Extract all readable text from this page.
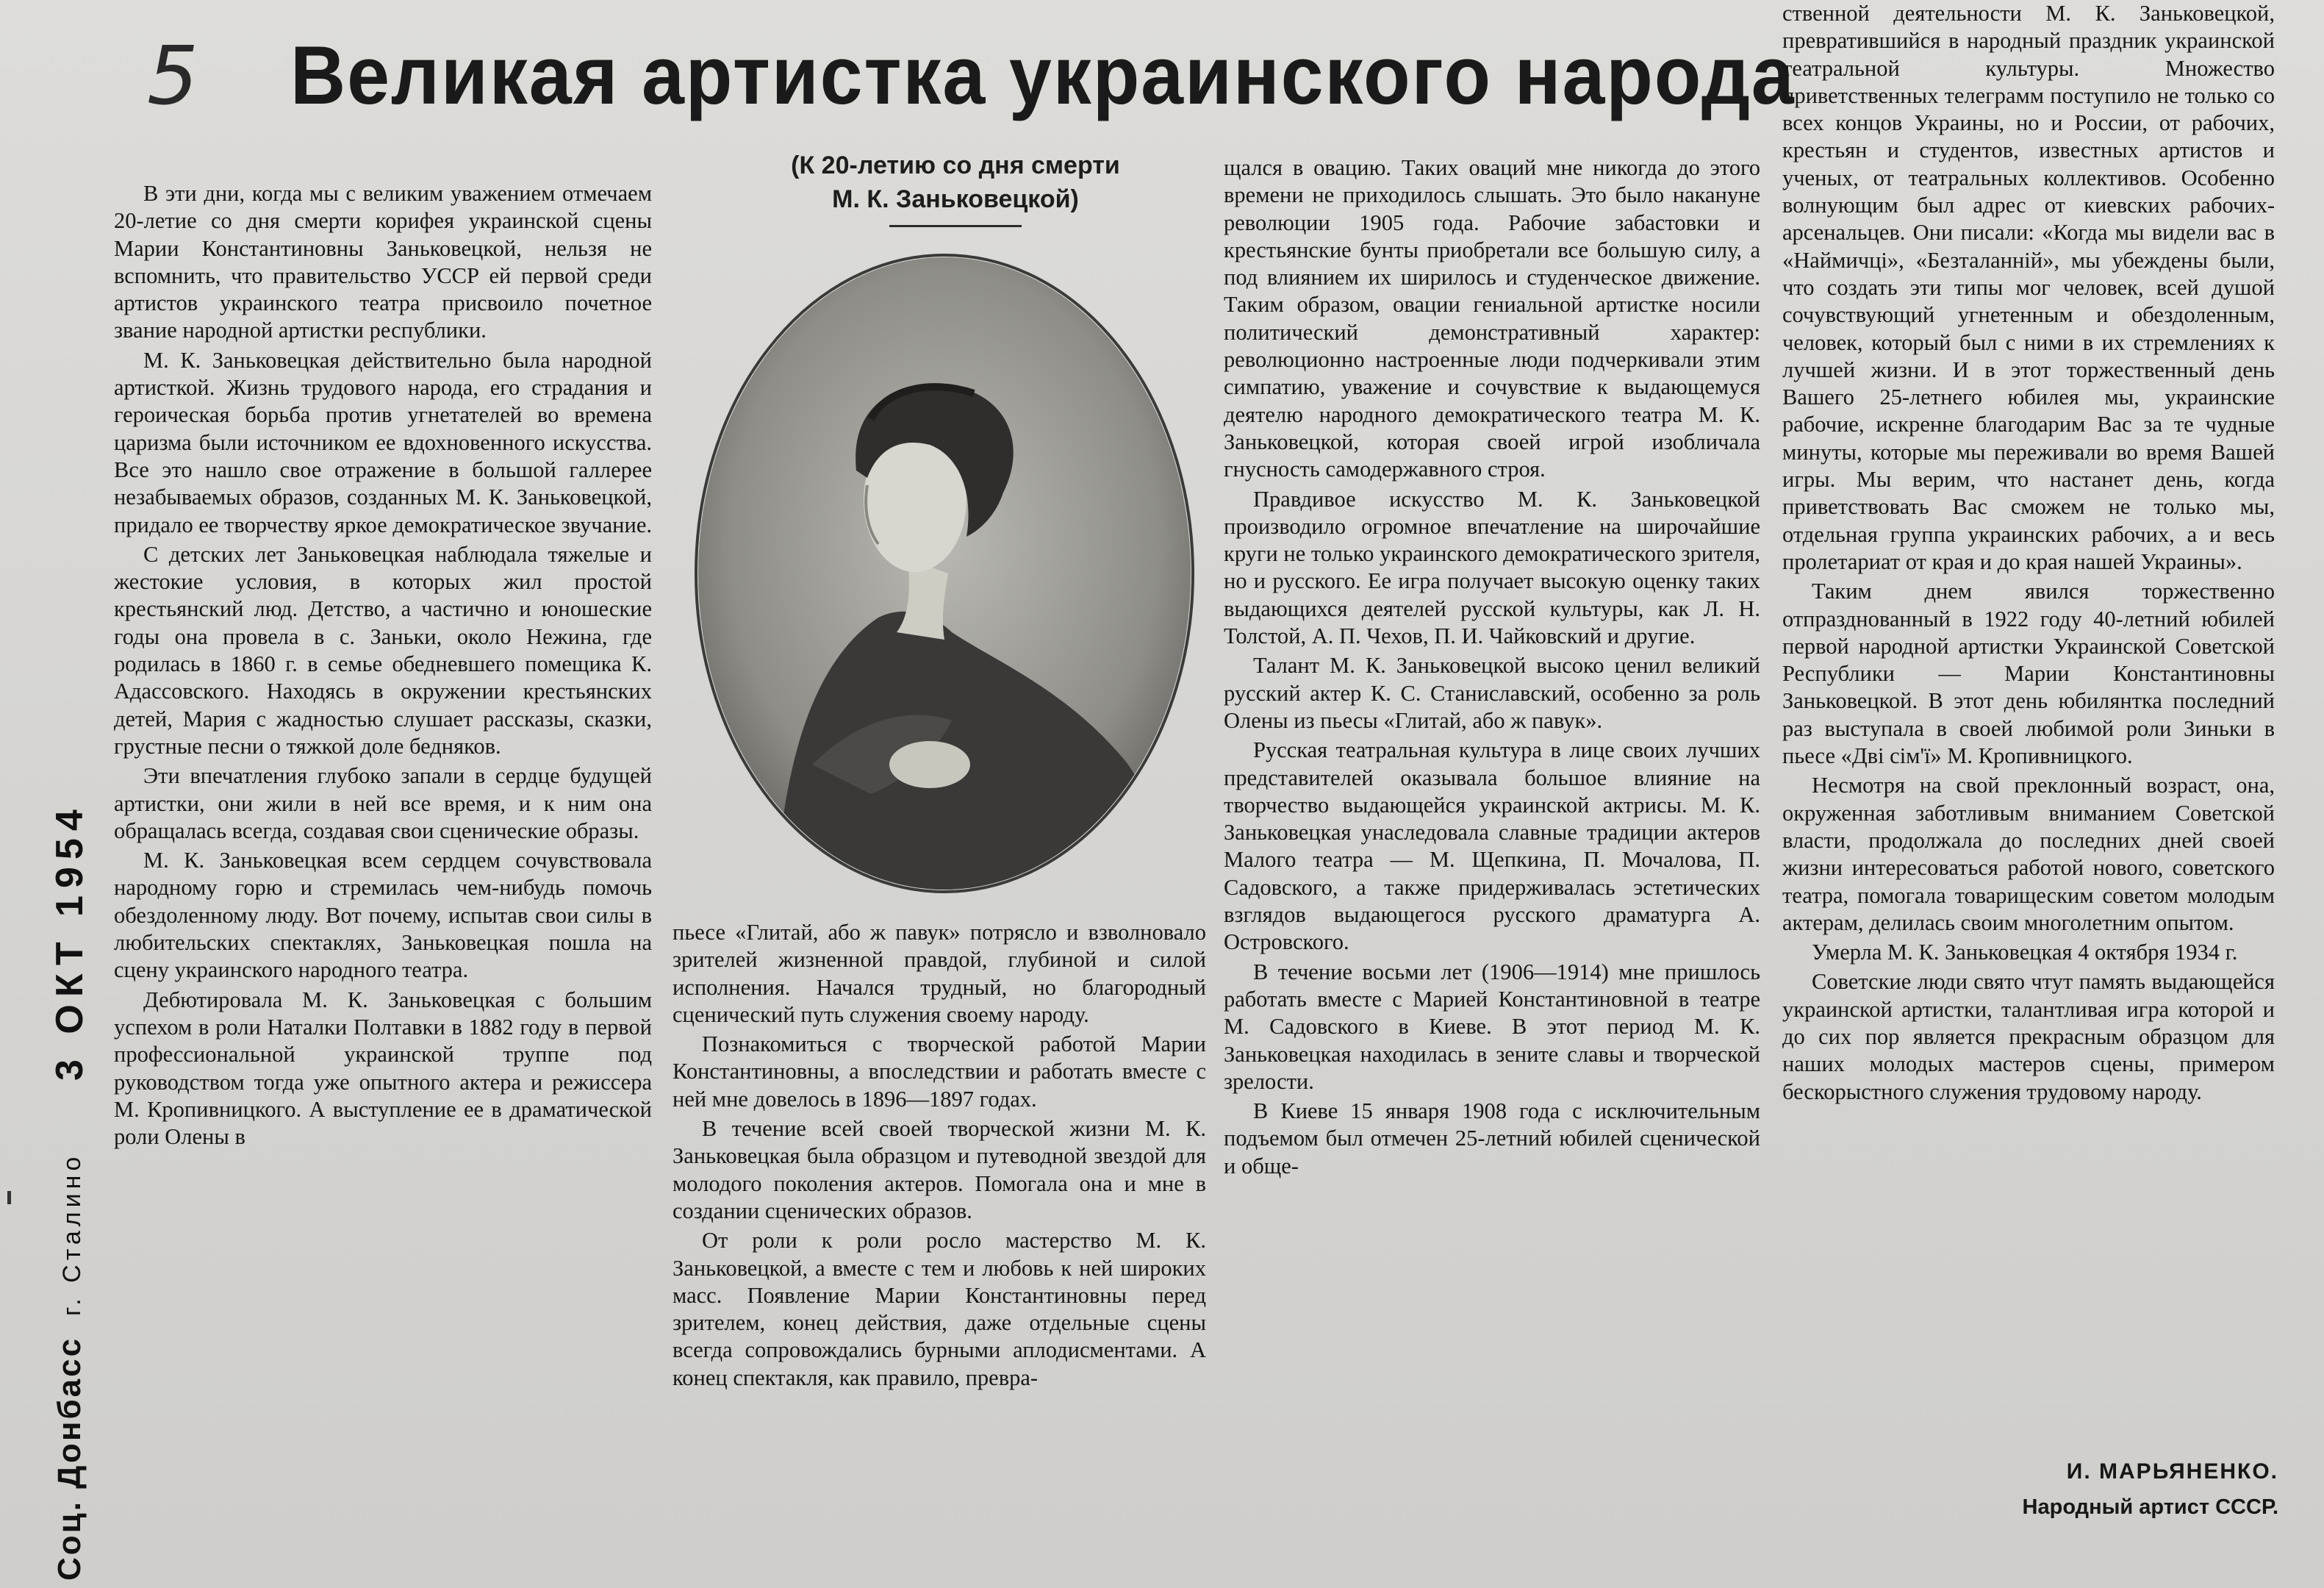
5	Великая артистка украинского народа

В эти дни, когда мы с великим уважением отмечаем 20-летие со дня смерти корифея украинской сцены Марии Константиновны Заньковецкой, нельзя не вспомнить, что правительство УССР ей первой среди артистов украинского театра присвоило почетное звание народной артистки республики.

М. К. Заньковецкая действительно была народной артисткой. Жизнь трудового народа, его страдания и героическая борьба против угнетателей во времена царизма были источником ее вдохновенного искусства. Все это нашло свое отражение в большой галлерее незабываемых образов, созданных М. К. Заньковецкой, придало ее творчеству яркое демократическое звучание.

С детских лет Заньковецкая наблюдала тяжелые и жестокие условия, в которых жил простой крестьянский люд. Детство, а частично и юношеские годы она провела в с. Заньки, около Нежина, где родилась в 1860 г. в семье обедневшего помещика К. Адассовского. Находясь в окружении крестьянских детей, Мария с жадностью слушает рассказы, сказки, грустные песни о тяжкой доле бедняков.

Эти впечатления глубоко запали в сердце будущей артистки, они жили в ней все время, и к ним она обращалась всегда, создавая свои сценические образы.

М. К. Заньковецкая всем сердцем сочувствовала народному горю и стремилась чем-нибудь помочь обездоленному люду. Вот почему, испытав свои силы в любительских спектаклях, Заньковецкая пошла на сцену украинского народного театра.

Дебютировала М. К. Заньковецкая с большим успехом в роли Наталки Полтавки в 1882 году в первой профессиональной украинской труппе под руководством тогда уже опытного актера и режиссера М. Кропивницкого. А выступление ее в драматической роли Олены в

(К 20-летию со дня смерти
М. К. Заньковецкой)

пьесе «Глитай, або ж павук» потрясло и взволновало зрителей жизненной правдой, глубиной и силой исполнения. Начался трудный, но благородный сценический путь служения своему народу.

Познакомиться с творческой работой Марии Константиновны, а впоследствии и работать вместе с ней мне довелось в 1896—1897 годах.

В течение всей своей творческой жизни М. К. Заньковецкая была образцом и путеводной звездой для молодого поколения актеров. Помогала она и мне в создании сценических образов.

От роли к роли росло мастерство М. К. Заньковецкой, а вместе с тем и любовь к ней широких масс. Появление Марии Константиновны перед зрителем, конец действия, даже отдельные сцены всегда сопровождались бурными аплодисментами. А конец спектакля, как правило, превра-

щался в овацию. Таких оваций мне никогда до этого времени не приходилось слышать. Это было накануне революции 1905 года. Рабочие забастовки и крестьянские бунты приобретали все большую силу, а под влиянием их ширилось и студенческое движение. Таким образом, овации гениальной артистке носили политический демонстративный характер: революционно настроенные люди подчеркивали этим симпатию, уважение и сочувствие к выдающемуся деятелю народного демократического театра М. К. Заньковецкой, которая своей игрой изобличала гнусность самодержавного строя.

Правдивое искусство М. К. Заньковецкой производило огромное впечатление на широчайшие круги не только украинского демократического зрителя, но и русского. Ее игра получает высокую оценку таких выдающихся деятелей русской культуры, как Л. Н. Толстой, А. П. Чехов, П. И. Чайковский и другие.

Талант М. К. Заньковецкой высоко ценил великий русский актер К. С. Станиславский, особенно за роль Олены из пьесы «Глитай, або ж павук».

Русская театральная культура в лице своих лучших представителей оказывала большое влияние на творчество выдающейся украинской актрисы. М. К. Заньковецкая унаследовала славные традиции актеров Малого театра — М. Щепкина, П. Мочалова, П. Садовского, а также придерживалась эстетических взглядов выдающегося русского драматурга А. Островского.

В течение восьми лет (1906—1914) мне пришлось работать вместе с Марией Константиновной в театре М. Садовского в Киеве. В этот период М. К. Заньковецкая находилась в зените славы и творческой зрелости.

В Киеве 15 января 1908 года с исключительным подъемом был отмечен 25-летний юбилей сценической и обще-

ственной деятельности М. К. Заньковецкой, превратившийся в народный праздник украинской театральной культуры. Множество приветственных телеграмм поступило не только со всех концов Украины, но и России, от рабочих, крестьян и студентов, известных артистов и ученых, от театральных коллективов. Особенно волнующим был адрес от киевских рабочих-арсенальцев. Они писали: «Когда мы видели вас в «Наймичці», «Безталанній», мы убеждены были, что создать эти типы мог человек, всей душой сочувствующий угнетенным и обездоленным, человек, который был с ними в их стремлениях к лучшей жизни. И в этот торжественный день Вашего 25-летнего юбилея мы, украинские рабочие, искренне благодарим Вас за те чудные минуты, которые мы переживали во время Вашей игры. Мы верим, что настанет день, когда приветствовать Вас сможем не только мы, отдельная группа украинских рабочих, а и весь пролетариат от края и до края нашей Украины».

Таким днем явился торжественно отпразднованный в 1922 году 40-летний юбилей первой народной артистки Украинской Советской Республики — Марии Константиновны Заньковецкой. В этот день юбилянтка последний раз выступала в своей любимой роли Зиньки в пьесе «Дві сім'ї» М. Кропивницкого.

Несмотря на свой преклонный возраст, она, окруженная заботливым вниманием Советской власти, продолжала до последних дней своей жизни интересоваться работой нового, советского театра, помогала товарищеским советом молодым актерам, делилась своим многолетним опытом.

Умерла М. К. Заньковецкая 4 октября 1934 г.

Советские люди свято чтут память выдающейся украинской артистки, талантливая игра которой и до сих пор является прекрасным образцом для наших молодых мастеров сцены, примером бескорыстного служения трудовому народу.

И. МАРЬЯНЕНКО.
Народный артист СССР.
Соц. Донбасс
г. Сталино
3 ОКТ 1954
